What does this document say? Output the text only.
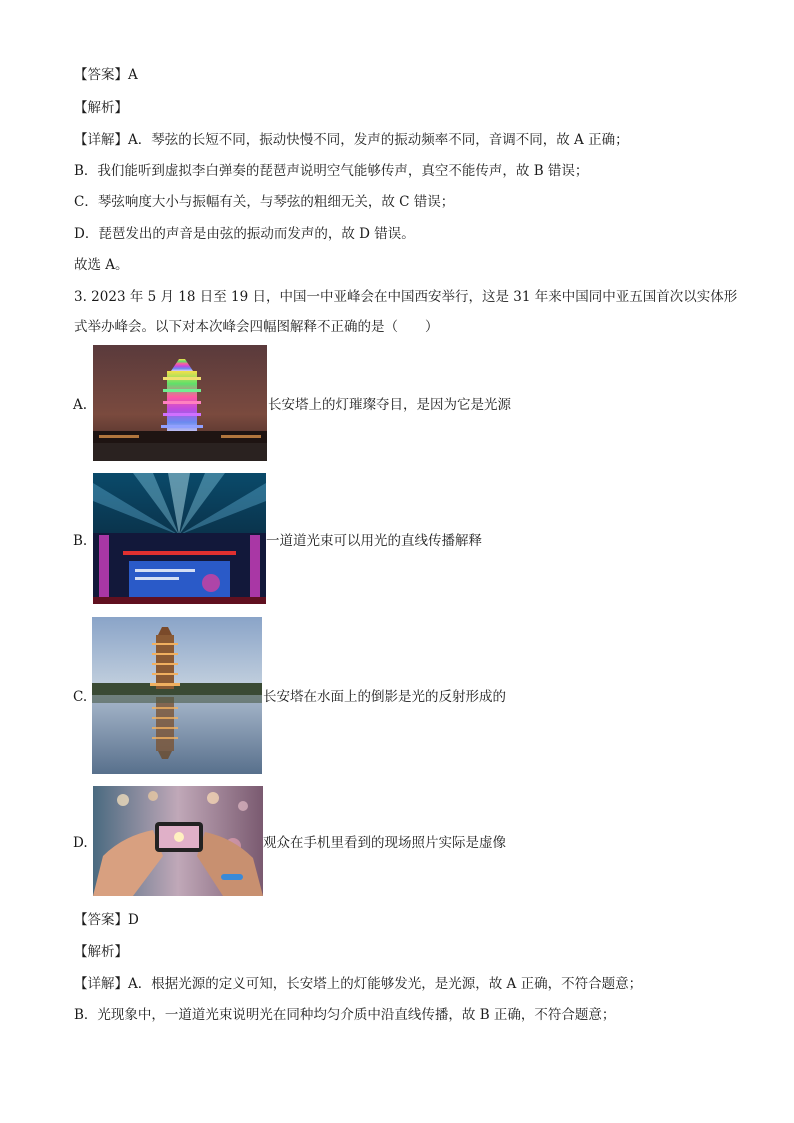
【答案】A
【解析】
【详解】A．琴弦的长短不同，振动快慢不同，发声的振动频率不同，音调不同，故 A 正确；
B．我们能听到虚拟李白弹奏的琵琶声说明空气能够传声，真空不能传声，故 B 错误；
C．琴弦响度大小与振幅有关，与琴弦的粗细无关，故 C 错误；
D．琵琶发出的声音是由弦的振动而发声的，故 D 错误。
故选 A。
3. 2023 年 5 月 18 日至 19 日，中国一中亚峰会在中国西安举行，这是 31 年来中国同中亚五国首次以实体形
式举办峰会。以下对本次峰会四幅图解释不正确的是（　　）
A.	长安塔上的灯璀璨夺目，是因为它是光源
B.	一道道光束可以用光的直线传播解释
C.	长安塔在水面上的倒影是光的反射形成的
D.	观众在手机里看到的现场照片实际是虚像
【答案】D
【解析】
【详解】A．根据光源的定义可知，长安塔上的灯能够发光，是光源，故 A 正确，不符合题意；
B．光现象中，一道道光束说明光在同种均匀介质中沿直线传播，故 B 正确，不符合题意；
